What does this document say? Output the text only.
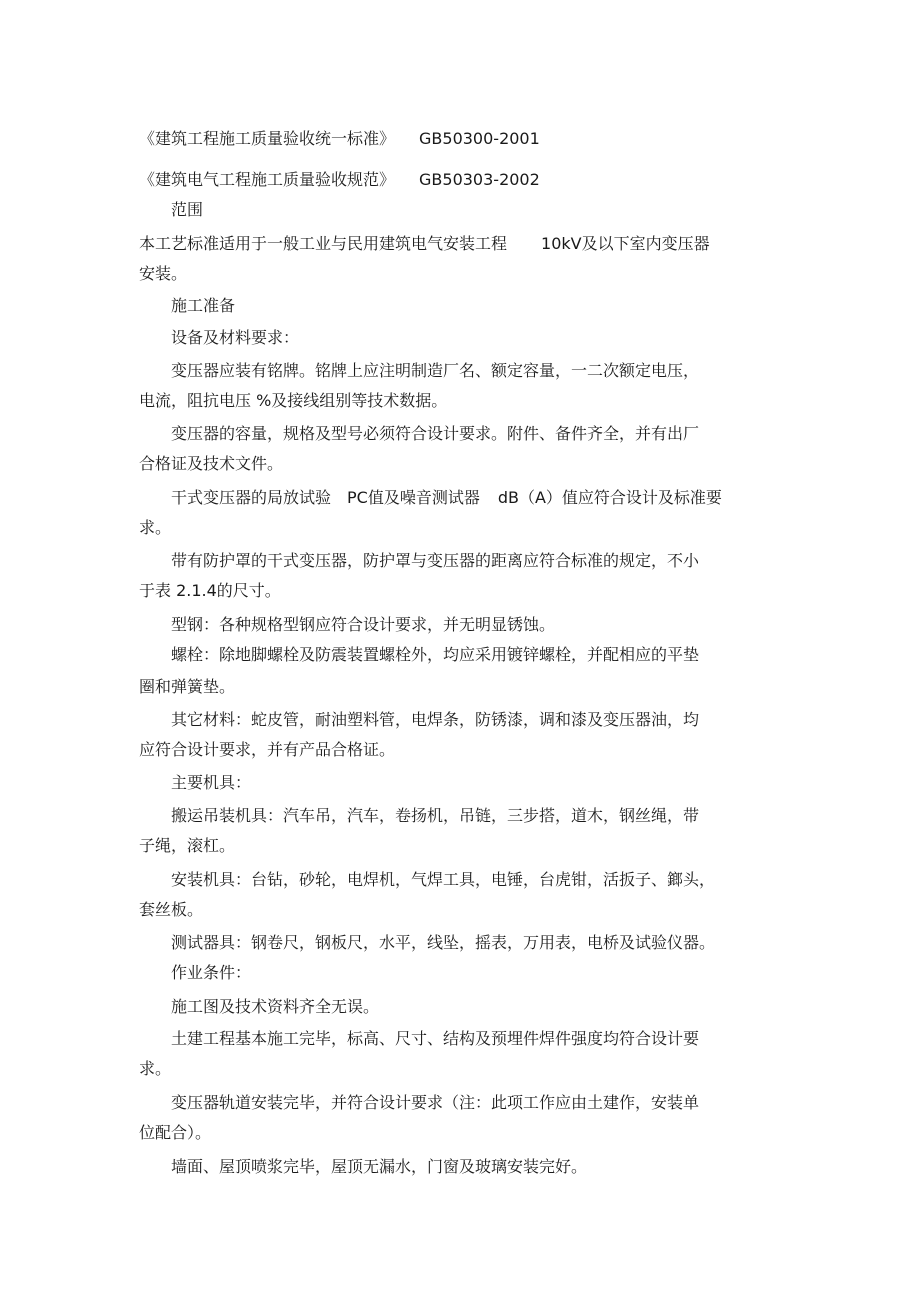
《建筑工程施工质量验收统一标准》 GB50300-2001
《建筑电气工程施工质量验收规范》 GB50303-2002
范围
本工艺标准适用于一般工业与民用建筑电气安装工程 10kV及以下室内变压器
安装。
施工准备
设备及材料要求：
变压器应装有铭牌。铭牌上应注明制造厂名、额定容量，一二次额定电压，
电流，阻抗电压 %及接线组别等技术数据。
变压器的容量，规格及型号必须符合设计要求。附件、备件齐全，并有出厂
合格证及技术文件。
干式变压器的局放试验 PC值及噪音测试器 dB（A）值应符合设计及标准要
求。
带有防护罩的干式变压器，防护罩与变压器的距离应符合标准的规定，不小
于表 2.1.4的尺寸。
型钢：各种规格型钢应符合设计要求，并无明显锈蚀。
螺栓：除地脚螺栓及防震装置螺栓外，均应采用镀锌螺栓，并配相应的平垫
圈和弹簧垫。
其它材料：蛇皮管，耐油塑料管，电焊条，防锈漆，调和漆及变压器油，均
应符合设计要求，并有产品合格证。
主要机具：
搬运吊装机具：汽车吊，汽车，卷扬机，吊链，三步搭，道木，钢丝绳，带
子绳，滚杠。
安装机具：台钻，砂轮，电焊机，气焊工具，电锤，台虎钳，活扳子、鎯头，
套丝板。
测试器具：钢卷尺，钢板尺，水平，线坠，摇表，万用表，电桥及试验仪器。
作业条件：
施工图及技术资料齐全无误。
土建工程基本施工完毕，标高、尺寸、结构及预埋件焊件强度均符合设计要
求。
变压器轨道安装完毕，并符合设计要求（注：此项工作应由土建作，安装单
位配合）。
墙面、屋顶喷浆完毕，屋顶无漏水，门窗及玻璃安装完好。
